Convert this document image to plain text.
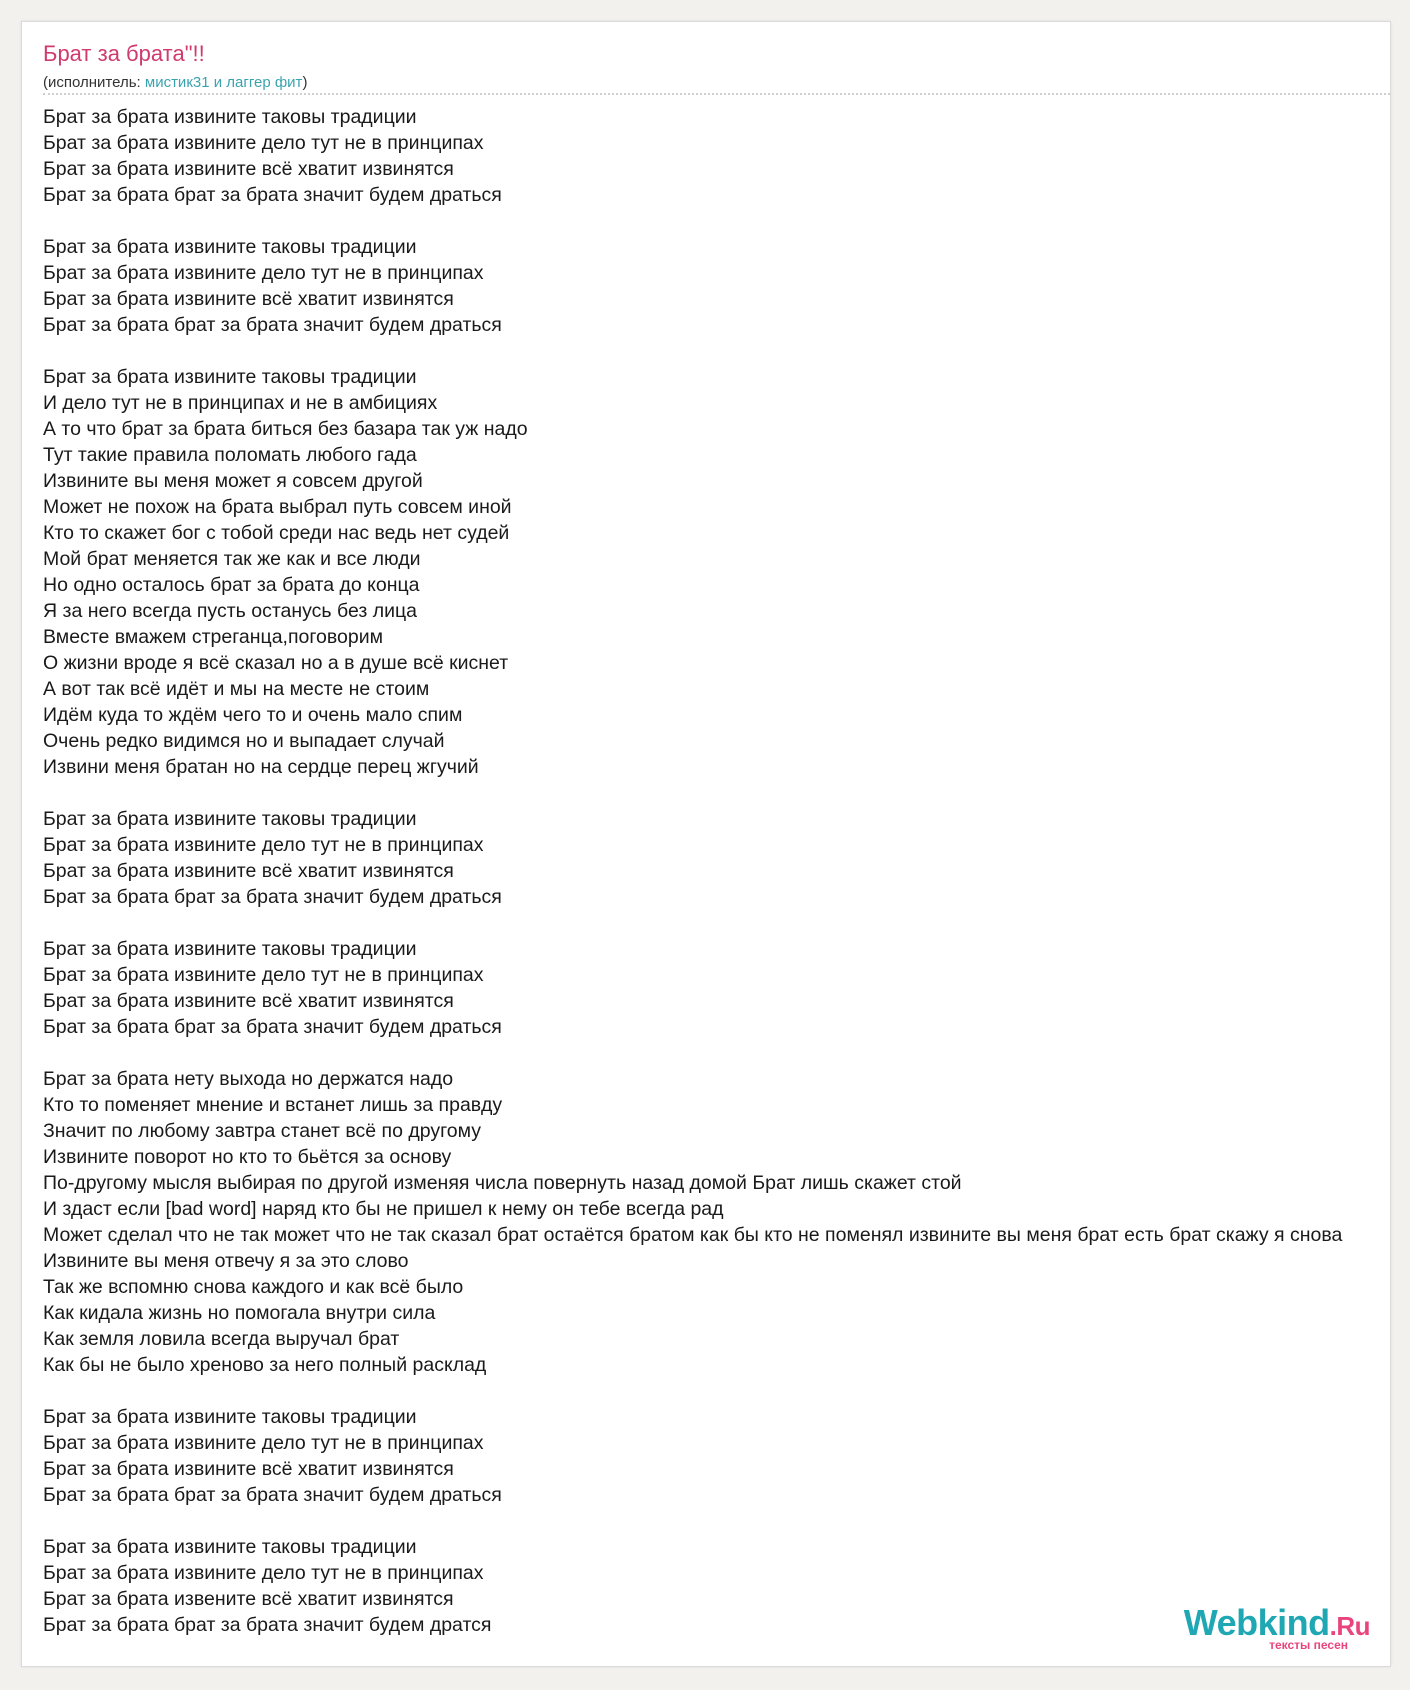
Брат за брата"!!
(исполнитель: мистик31 и лаггер фит)
Брат за брата извините таковы традиции
Брат за брата извините дело тут не в принципах
Брат за брата извините всё хватит извинятся
Брат за брата брат за брата значит будем драться
Брат за брата извините таковы традиции
Брат за брата извините дело тут не в принципах
Брат за брата извините всё хватит извинятся
Брат за брата брат за брата значит будем драться
Брат за брата извините таковы традиции
И дело тут не в принципах и не в амбициях
А то что брат за брата биться без базара так уж надо
Тут такие правила поломать любого гада
Извините вы меня может я совсем другой
Может не похож на брата выбрал путь совсем иной
Кто то скажет бог с тобой среди нас ведь нет судей
Мой брат меняется так же как и все люди
Но одно осталось брат за брата до конца
Я за него всегда пусть останусь без лица
Вместе вмажем стреганца,поговорим
О жизни вроде я всё сказал но а в душе всё киснет
А вот так всё идёт и мы на месте не стоим
Идём куда то ждём чего то и очень мало спим
Очень редко видимся но и выпадает случай
Извини меня братан но на сердце перец жгучий
Брат за брата извините таковы традиции
Брат за брата извините дело тут не в принципах
Брат за брата извините всё хватит извинятся
Брат за брата брат за брата значит будем драться
Брат за брата извините таковы традиции
Брат за брата извините дело тут не в принципах
Брат за брата извините всё хватит извинятся
Брат за брата брат за брата значит будем драться
Брат за брата нету выхода но держатся надо
Кто то поменяет мнение и встанет лишь за правду
Значит по любому завтра станет всё по другому
Извините поворот но кто то бьётся за основу
По-другому мысля выбирая по другой изменяя числа повернуть назад домой Брат лишь скажет стой
И здаст если [bad word] наряд кто бы не пришел к нему он тебе всегда рад
Может сделал что не так может что не так сказал брат остаётся братом как бы кто не поменял извините вы меня брат есть брат скажу я снова
Извините вы меня отвечу я за это слово
Так же вспомню снова каждого и как всё было
Как кидала жизнь но помогала внутри сила
Как земля ловила всегда выручал брат
Как бы не было хреново за него полный расклад
Брат за брата извините таковы традиции
Брат за брата извините дело тут не в принципах
Брат за брата извините всё хватит извинятся
Брат за брата брат за брата значит будем драться
Брат за брата извините таковы традиции
Брат за брата извините дело тут не в принципах
Брат за брата извените всё хватит извинятся
Брат за брата брат за брата значит будем дратся	Webkind.Ru
тексты песен
